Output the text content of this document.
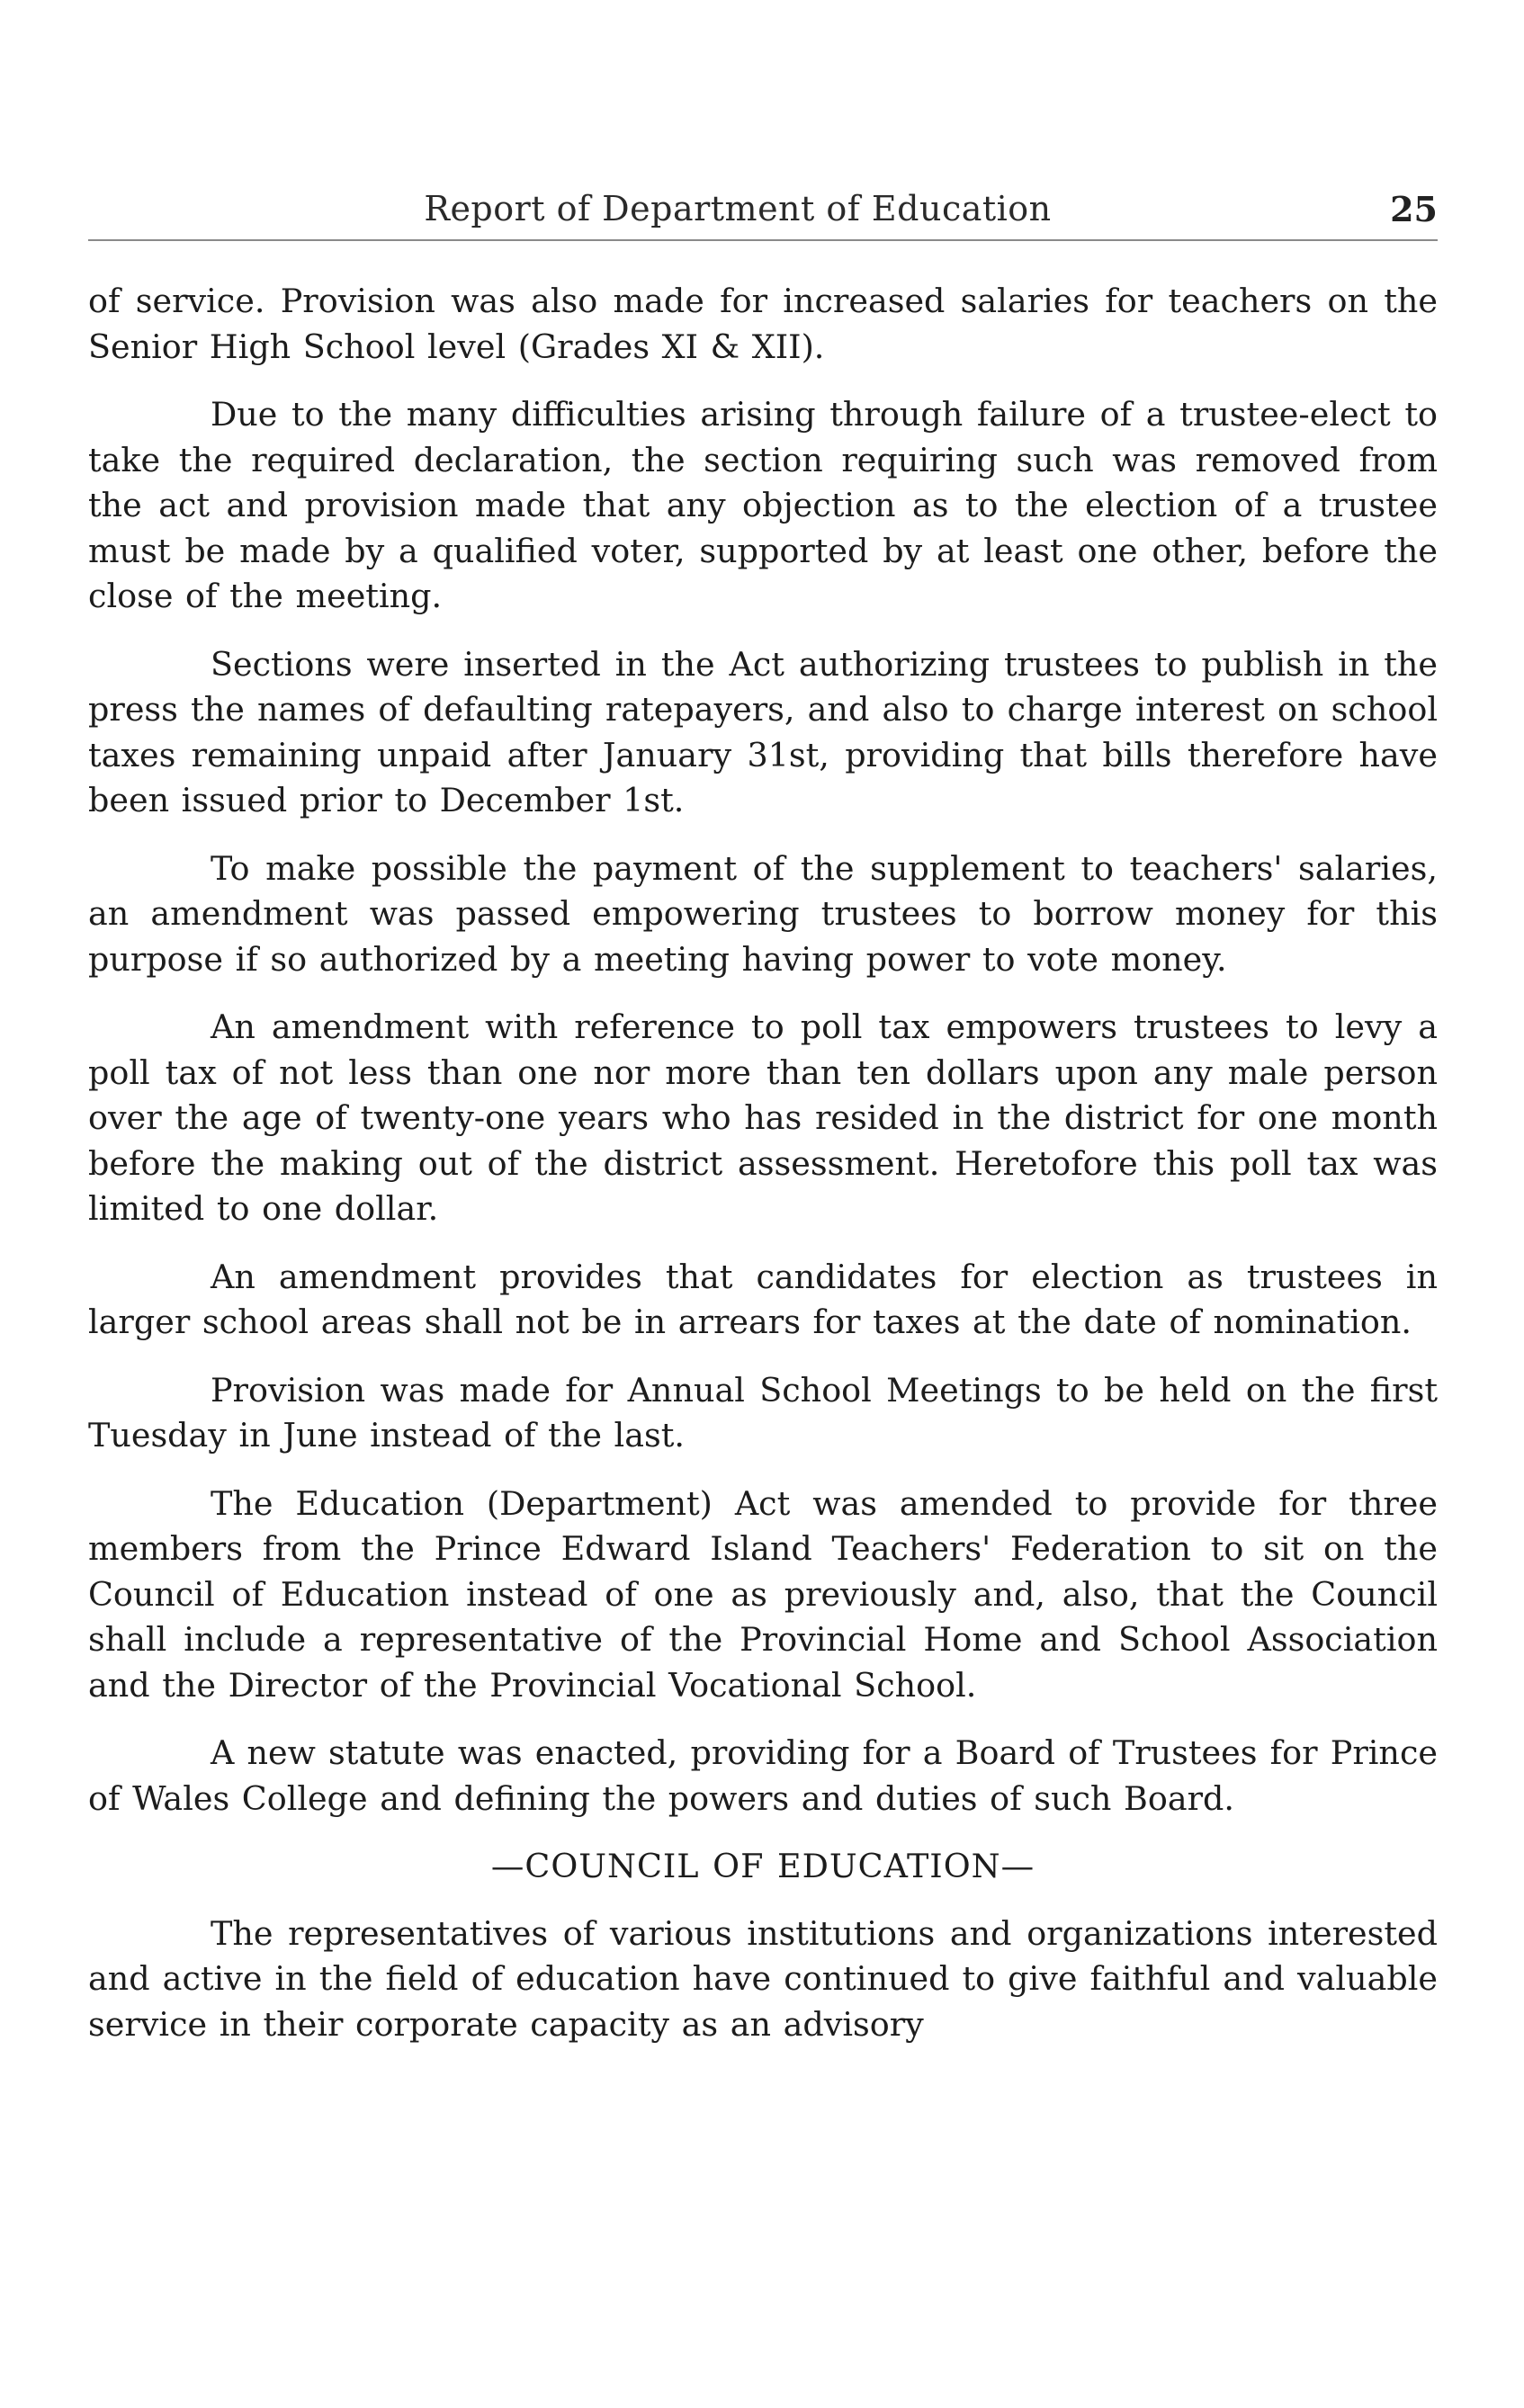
Report of Department of Education	25

of service. Provision was also made for increased salaries for teachers on the Senior High School level (Grades XI & XII).

Due to the many difficulties arising through failure of a trustee-elect to take the required declaration, the section requiring such was removed from the act and provision made that any objection as to the election of a trustee must be made by a qualified voter, supported by at least one other, before the close of the meeting.

Sections were inserted in the Act authorizing trustees to publish in the press the names of defaulting ratepayers, and also to charge interest on school taxes remaining unpaid after January 31st, providing that bills therefore have been issued prior to December 1st.

To make possible the payment of the supplement to teachers' salaries, an amendment was passed empowering trustees to borrow money for this purpose if so authorized by a meeting having power to vote money.

An amendment with reference to poll tax empowers trustees to levy a poll tax of not less than one nor more than ten dollars upon any male person over the age of twenty-one years who has resided in the district for one month before the making out of the district assessment. Heretofore this poll tax was limited to one dollar.

An amendment provides that candidates for election as trustees in larger school areas shall not be in arrears for taxes at the date of nomination.

Provision was made for Annual School Meetings to be held on the first Tuesday in June instead of the last.

The Education (Department) Act was amended to provide for three members from the Prince Edward Island Teachers' Federation to sit on the Council of Education instead of one as previously and, also, that the Council shall include a representative of the Provincial Home and School Association and the Director of the Provincial Vocational School.

A new statute was enacted, providing for a Board of Trustees for Prince of Wales College and defining the powers and duties of such Board.

—COUNCIL OF EDUCATION—

The representatives of various institutions and organizations interested and active in the field of education have continued to give faithful and valuable service in their corporate capacity as an advisory
